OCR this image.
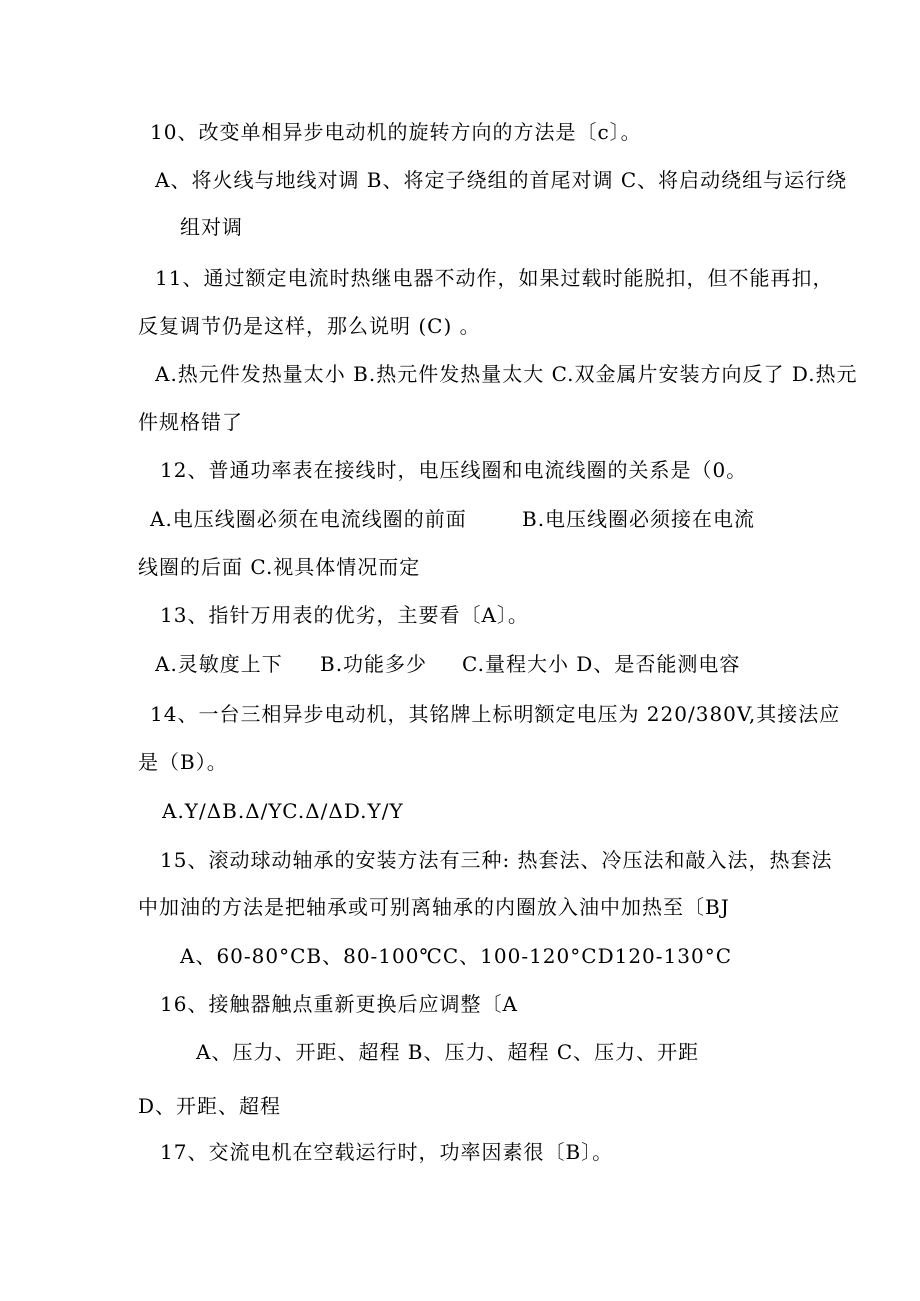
10、改变单相异步电动机的旋转方向的方法是〔c〕。
A、将火线与地线对调 B、将定子绕组的首尾对调 C、将启动绕组与运行绕
组对调
11、通过额定电流时热继电器不动作，如果过载时能脱扣，但不能再扣，
反复调节仍是这样，那么说明 (C) 。
A.热元件发热量太小 B.热元件发热量太大 C.双金属片安装方向反了 D.热元
件规格错了
12、普通功率表在接线时，电压线圈和电流线圈的关系是（0。
A.电压线圈必须在电流线圈的前面	B.电压线圈必须接在电流
线圈的后面 C.视具体情况而定
13、指针万用表的优劣，主要看〔A〕。
A.灵敏度上下 B.功能多少 C.量程大小 D、是否能测电容
14、一台三相异步电动机，其铭牌上标明额定电压为 220/380V,其接法应
是（B）。
A.Y/ΔB.Δ/YC.Δ/ΔD.Y/Y
15、滚动球动轴承的安装方法有三种: 热套法、冷压法和敲入法，热套法
中加油的方法是把轴承或可别离轴承的内圈放入油中加热至〔BJ
A、60-80°CB、80-100℃C、100-120°CD120-130°C
16、接触器触点重新更换后应调整〔A
A、压力、开距、超程 B、压力、超程 C、压力、开距
D、开距、超程
17、交流电机在空载运行时，功率因素很〔B〕。
